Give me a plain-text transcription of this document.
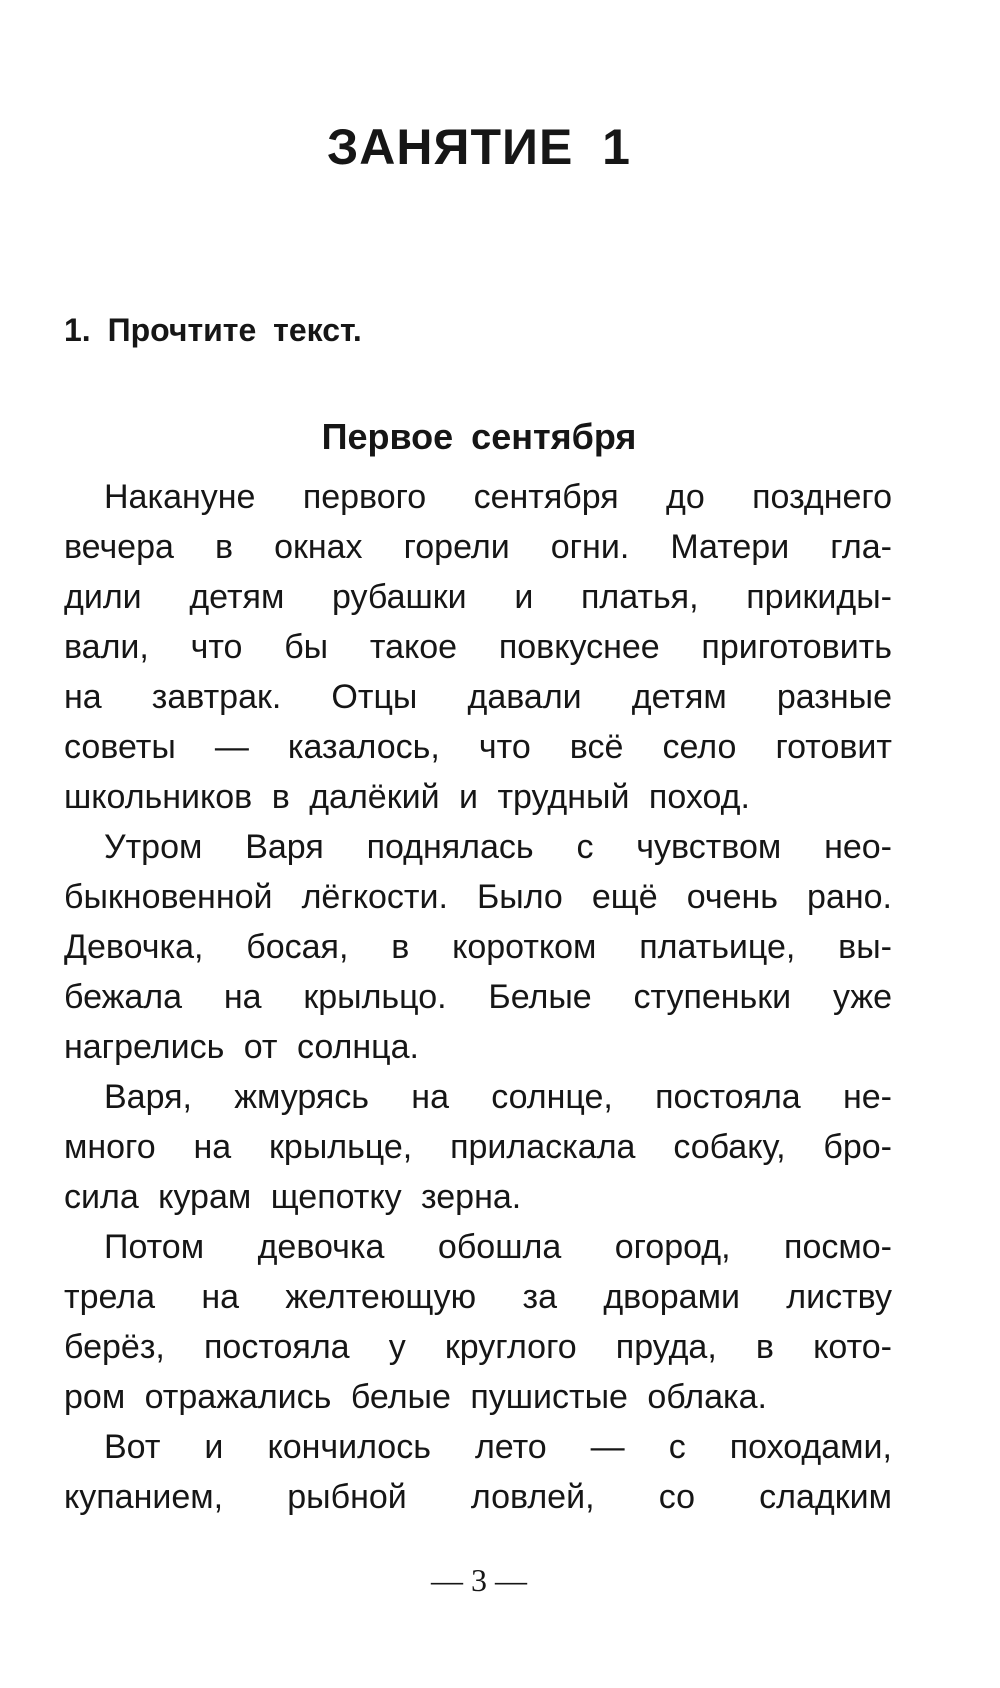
ЗАНЯТИЕ 1
1. Прочтите текст.
Первое сентября
Накануне первого сентября до позднего
вечера в окнах горели огни. Матери гла-
дили детям рубашки и платья, прикиды-
вали, что бы такое повкуснее приготовить
на завтрак. Отцы давали детям разные
советы — казалось, что всё село готовит
школьников в далёкий и трудный поход.
Утром Варя поднялась с чувством нео-
быкновенной лёгкости. Было ещё очень рано.
Девочка, босая, в коротком платьице, вы-
бежала на крыльцо. Белые ступеньки уже
нагрелись от солнца.
Варя, жмурясь на солнце, постояла не-
много на крыльце, приласкала собаку, бро-
сила курам щепотку зерна.
Потом девочка обошла огород, посмо-
трела на желтеющую за дворами листву
берёз, постояла у круглого пруда, в кото-
ром отражались белые пушистые облака.
Вот и кончилось лето — с походами,
купанием, рыбной ловлей, со сладким
— 3 —
